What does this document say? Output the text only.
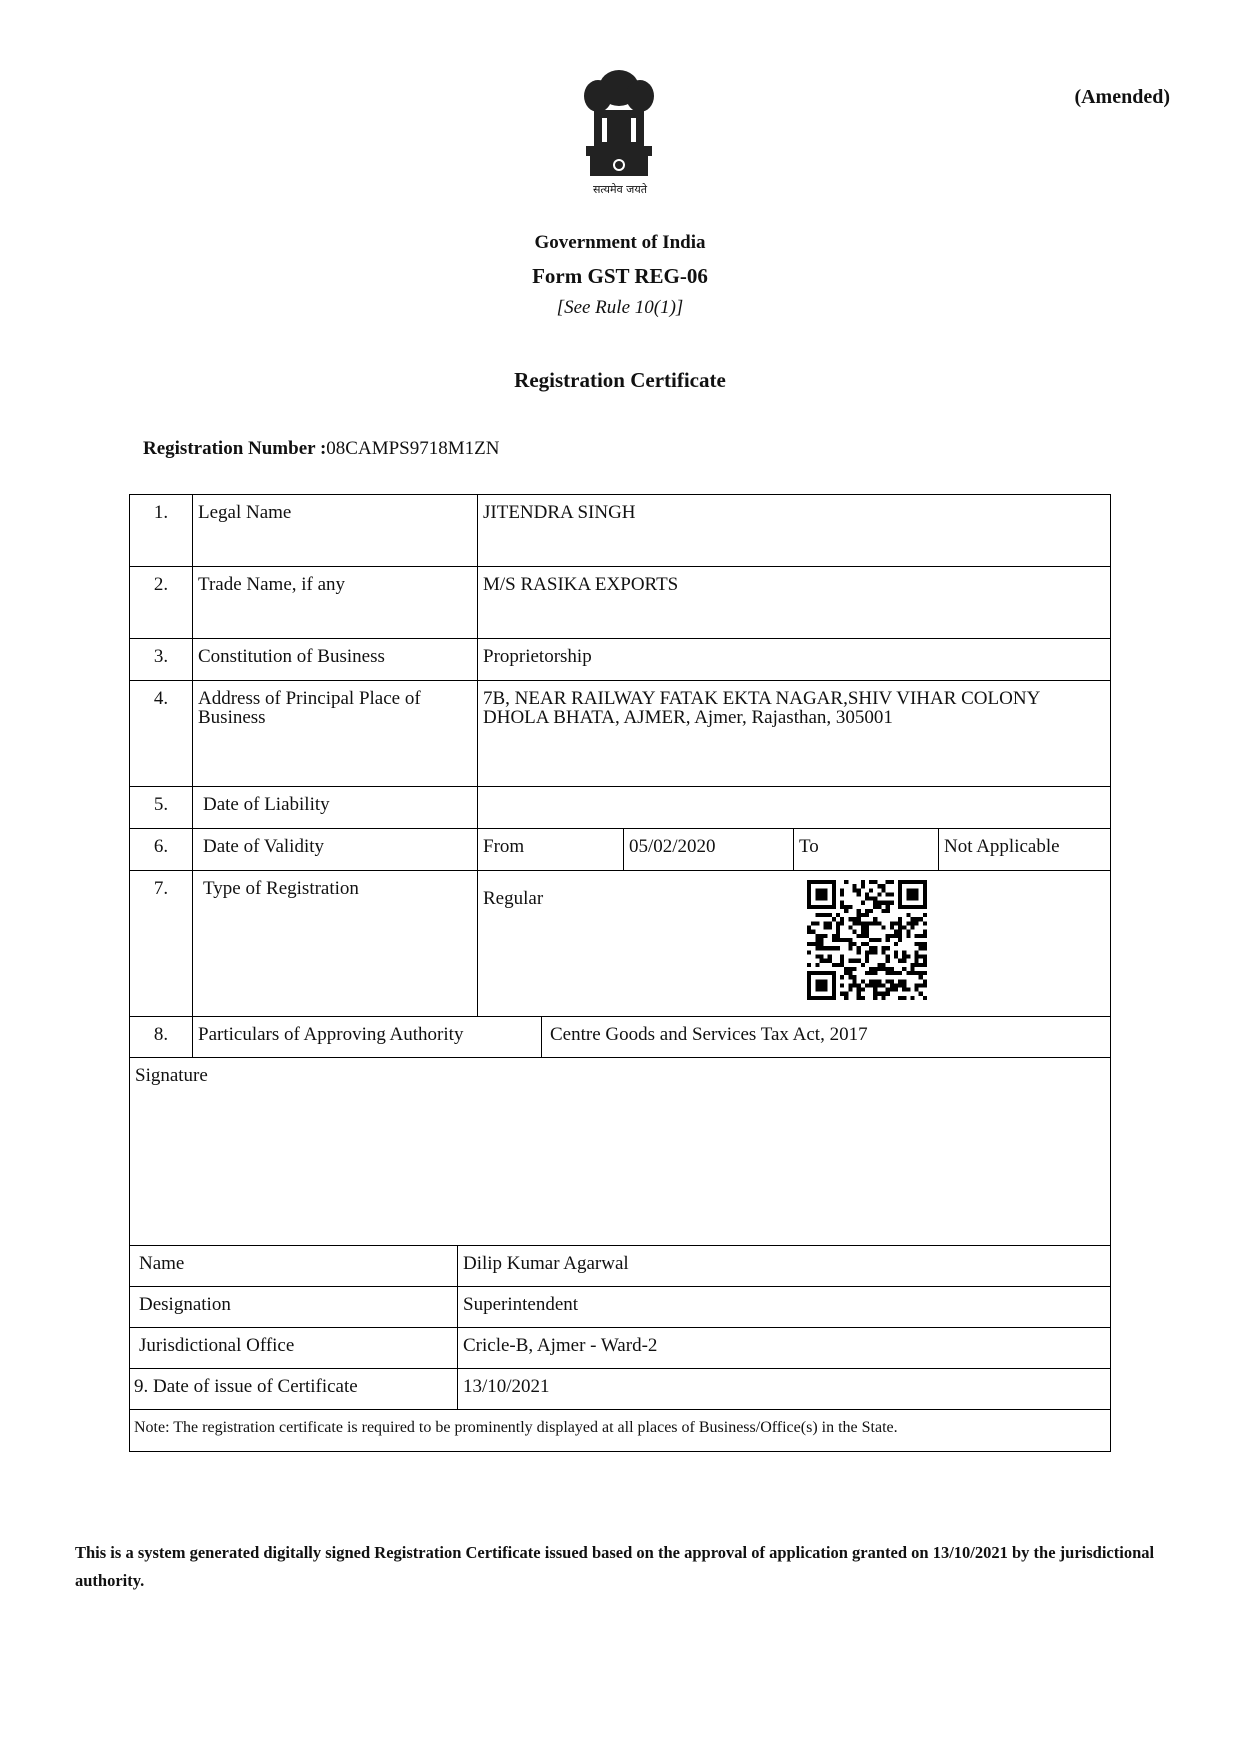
सत्यमेव जयते
(Amended)
Government of India
Form GST REG-06
[See Rule 10(1)]
Registration Certificate
Registration Number :08CAMPS9718M1ZN
1.	Legal Name	JITENDRA SINGH
2.	Trade Name, if any	M/S RASIKA EXPORTS
3.	Constitution of Business	Proprietorship
4.	Address of Principal Place of Business
7B, NEAR RAILWAY FATAK EKTA NAGAR,SHIV VIHAR COLONY DHOLA BHATA, AJMER, Ajmer, Rajasthan, 305001
5.	Date of Liability
6.	Date of Validity	From	05/02/2020	To	Not Applicable
7.	Type of Registration	Regular
8.	Particulars of Approving Authority	Centre Goods and Services Tax Act, 2017
Signature
Name	Dilip Kumar Agarwal
Designation	Superintendent
Jurisdictional Office	Cricle-B, Ajmer - Ward-2
9. Date of issue of Certificate	13/10/2021
Note: The registration certificate is required to be prominently displayed at all places of Business/Office(s) in the State.
This is a system generated digitally signed Registration Certificate issued based on the approval of application granted on 13/10/2021 by the jurisdictional authority.
